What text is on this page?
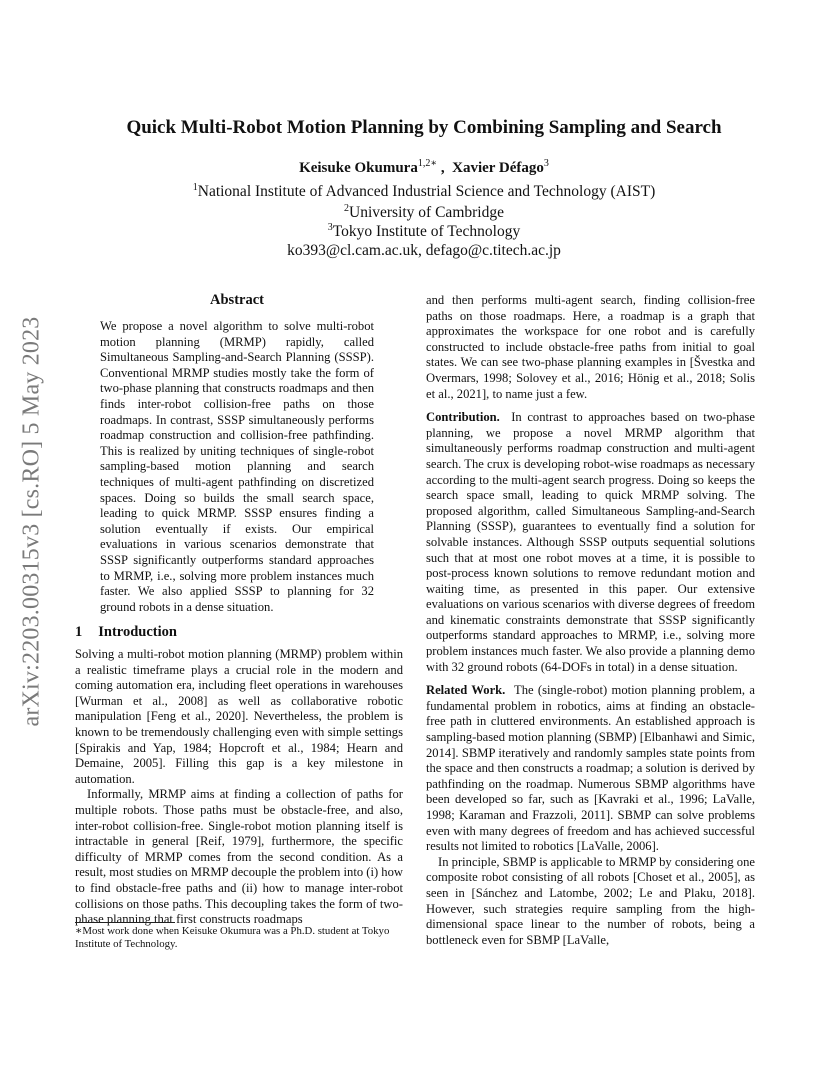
arXiv:2203.00315v3 [cs.RO] 5 May 2023
Quick Multi-Robot Motion Planning by Combining Sampling and Search
Keisuke Okumura$^{1,2∗}$ ,  Xavier Défago$^3$
$^1$National Institute of Advanced Industrial Science and Technology (AIST)
$^2$University of Cambridge
$^3$Tokyo Institute of Technology
ko393@cl.cam.ac.uk, defago@c.titech.ac.jp
Abstract

We propose a novel algorithm to solve multi-robot motion planning (MRMP) rapidly, called Simultaneous Sampling-and-Search Planning (SSSP). Conventional MRMP studies mostly take the form of two-phase planning that constructs roadmaps and then finds inter-robot collision-free paths on those roadmaps. In contrast, SSSP simultaneously performs roadmap construction and collision-free pathfinding. This is realized by uniting techniques of single-robot sampling-based motion planning and search techniques of multi-agent pathfinding on discretized spaces. Doing so builds the small search space, leading to quick MRMP. SSSP ensures finding a solution eventually if exists. Our empirical evaluations in various scenarios demonstrate that SSSP significantly outperforms standard approaches to MRMP, i.e., solving more problem instances much faster. We also applied SSSP to planning for 32 ground robots in a dense situation.

1 Introduction

Solving a multi-robot motion planning (MRMP) problem within a realistic timeframe plays a crucial role in the modern and coming automation era, including fleet operations in warehouses [Wurman et al., 2008] as well as collaborative robotic manipulation [Feng et al., 2020]. Nevertheless, the problem is known to be tremendously challenging even with simple settings [Spirakis and Yap, 1984; Hopcroft et al., 1984; Hearn and Demaine, 2005]. Filling this gap is a key milestone in automation.

Informally, MRMP aims at finding a collection of paths for multiple robots. Those paths must be obstacle-free, and also, inter-robot collision-free. Single-robot motion planning itself is intractable in general [Reif, 1979], furthermore, the specific difficulty of MRMP comes from the second condition. As a result, most studies on MRMP decouple the problem into (i) how to find obstacle-free paths and (ii) how to manage inter-robot collisions on those paths. This decoupling takes the form of two-phase planning that first constructs roadmaps

∗Most work done when Keisuke Okumura was a Ph.D. student at Tokyo Institute of Technology.

and then performs multi-agent search, finding collision-free paths on those roadmaps. Here, a roadmap is a graph that approximates the workspace for one robot and is carefully constructed to include obstacle-free paths from initial to goal states. We can see two-phase planning examples in [Švestka and Overmars, 1998; Solovey et al., 2016; Hönig et al., 2018; Solis et al., 2021], to name just a few.

Contribution. In contrast to approaches based on two-phase planning, we propose a novel MRMP algorithm that simultaneously performs roadmap construction and multi-agent search. The crux is developing robot-wise roadmaps as necessary according to the multi-agent search progress. Doing so keeps the search space small, leading to quick MRMP solving. The proposed algorithm, called Simultaneous Sampling-and-Search Planning (SSSP), guarantees to eventually find a solution for solvable instances. Although SSSP outputs sequential solutions such that at most one robot moves at a time, it is possible to post-process known solutions to remove redundant motion and waiting time, as presented in this paper. Our extensive evaluations on various scenarios with diverse degrees of freedom and kinematic constraints demonstrate that SSSP significantly outperforms standard approaches to MRMP, i.e., solving more problem instances much faster. We also provide a planning demo with 32 ground robots (64-DOFs in total) in a dense situation.

Related Work. The (single-robot) motion planning problem, a fundamental problem in robotics, aims at finding an obstacle-free path in cluttered environments. An established approach is sampling-based motion planning (SBMP) [Elbanhawi and Simic, 2014]. SBMP iteratively and randomly samples state points from the space and then constructs a roadmap; a solution is derived by pathfinding on the roadmap. Numerous SBMP algorithms have been developed so far, such as [Kavraki et al., 1996; LaValle, 1998; Karaman and Frazzoli, 2011]. SBMP can solve problems even with many degrees of freedom and has achieved successful results not limited to robotics [LaValle, 2006].

In principle, SBMP is applicable to MRMP by considering one composite robot consisting of all robots [Choset et al., 2005], as seen in [Sánchez and Latombe, 2002; Le and Plaku, 2018]. However, such strategies require sampling from the high-dimensional space linear to the number of robots, being a bottleneck even for SBMP [LaValle,
